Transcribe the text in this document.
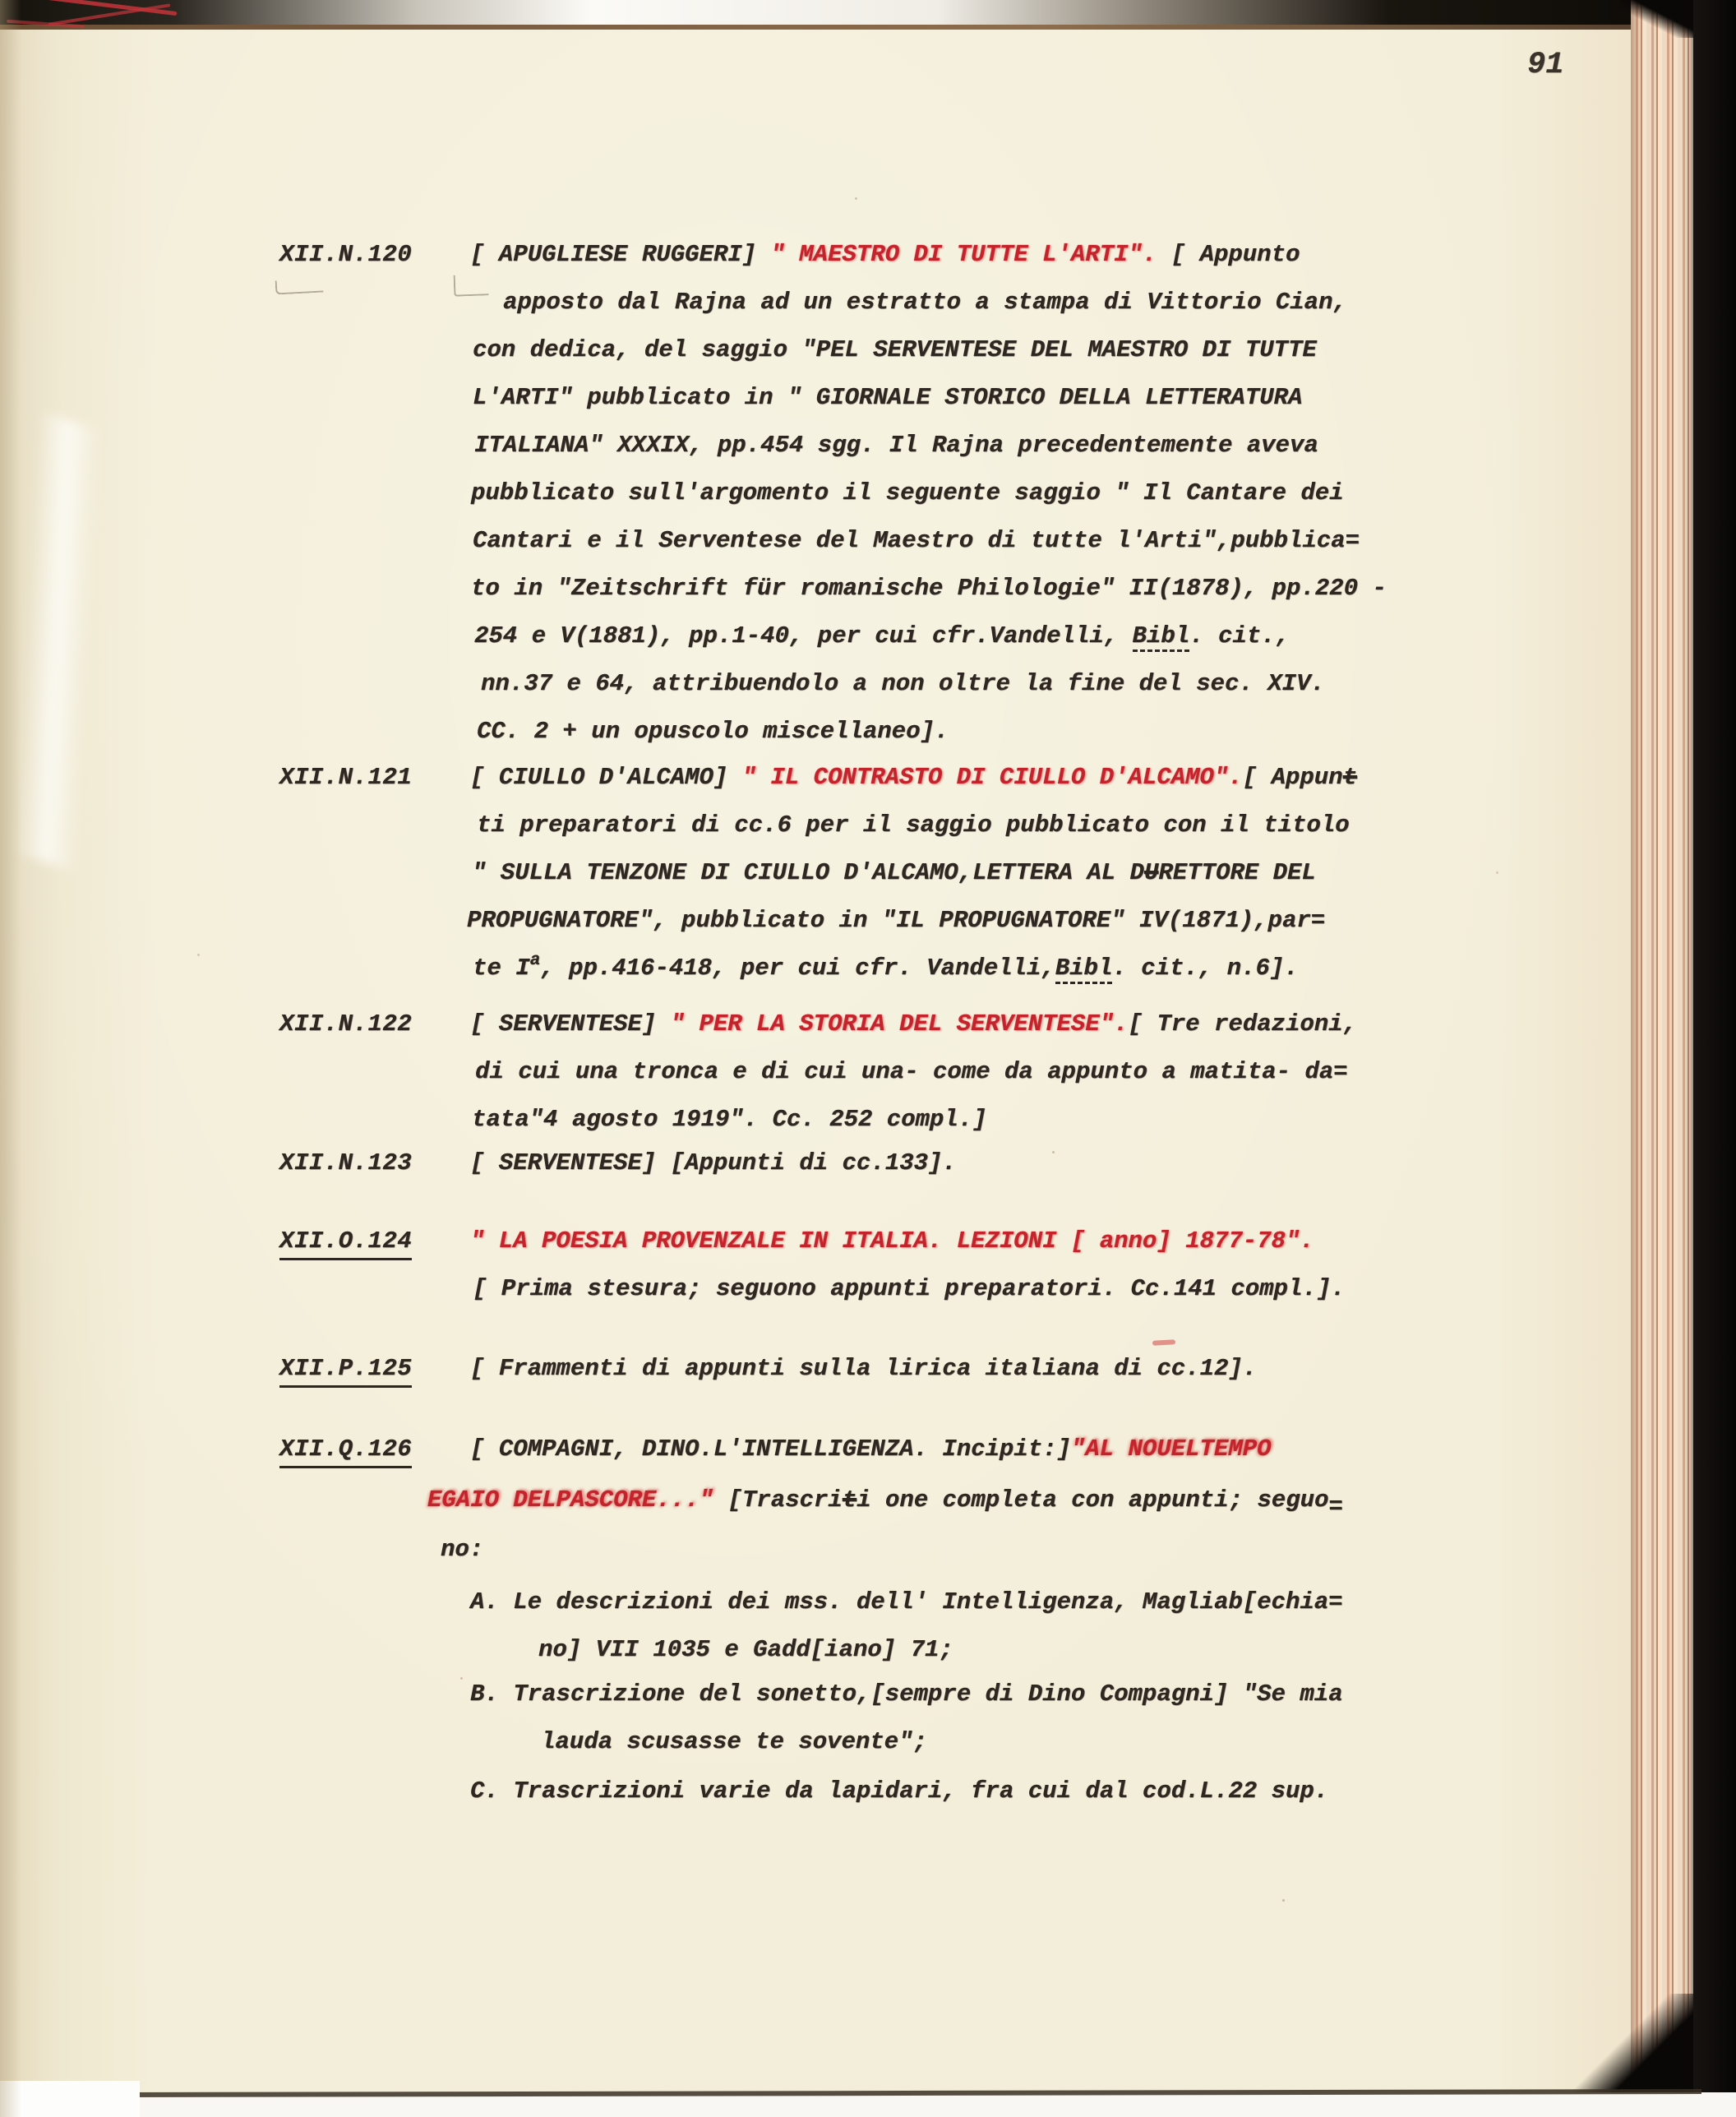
91
XII.N.120 [ APUGLIESE RUGGERI] " MAESTRO DI TUTTE L'ARTI". [ Appunto
apposto dal Rajna ad un estratto a stampa di Vittorio Cian,
con dedica, del saggio "PEL SERVENTESE DEL MAESTRO DI TUTTE
L'ARTI" pubblicato in " GIORNALE STORICO DELLA LETTERATURA
ITALIANA" XXXIX, pp.454 sgg. Il Rajna precedentemente aveva
pubblicato sull'argomento il seguente saggio " Il Cantare dei
Cantari e il Serventese del Maestro di tutte l'Arti",pubblica=
to in "Zeitschrift für romanische Philologie" II(1878), pp.220 -
254 e V(1881), pp.1-40, per cui cfr.Vandelli, Bibl. cit.,
nn.37 e 64, attribuendolo a non oltre la fine del sec. XIV.
CC. 2 + un opuscolo miscellaneo].
XII.N.121 [ CIULLO D'ALCAMO] " IL CONTRASTO DI CIULLO D'ALCAMO".[ Appunt
ti preparatori di cc.6 per il saggio pubblicato con il titolo
" SULLA TENZONE DI CIULLO D'ALCAMO,LETTERA AL DURETTORE DEL
PROPUGNATORE", pubblicato in "IL PROPUGNATORE" IV(1871),par=
te $I^a$, pp.416-418, per cui cfr. Vandelli,Bibl. cit., n.6].
XII.N.122 [ SERVENTESE] " PER LA STORIA DEL SERVENTESE".[ Tre redazioni,
di cui una tronca e di cui una- come da appunto a matita- da=
tata"4 agosto 1919". Cc. 252 compl.]
XII.N.123 [ SERVENTESE] [Appunti di cc.133].
XII.O.124 " LA POESIA PROVENZALE IN ITALIA. LEZIONI [ anno] 1877-78".
[ Prima stesura; seguono appunti preparatori. Cc.141 compl.].
XII.P.125 [ Frammenti di appunti sulla lirica italiana di cc.12].
XII.Q.126 [ COMPAGNI, DINO.L'INTELLIGENZA. Incipit:]"AL NOUELTEMPO
EGAIO DELPASCORE..." [Trascriti one completa con appunti; seguo=
no:
A. Le descrizioni dei mss. dell' Intelligenza, Magliab[echia=
no] VII 1035 e Gadd[iano] 71;
B. Trascrizione del sonetto,[sempre di Dino Compagni] "Se mia
lauda scusasse te sovente";
C. Trascrizioni varie da lapidari, fra cui dal cod.L.22 sup.
